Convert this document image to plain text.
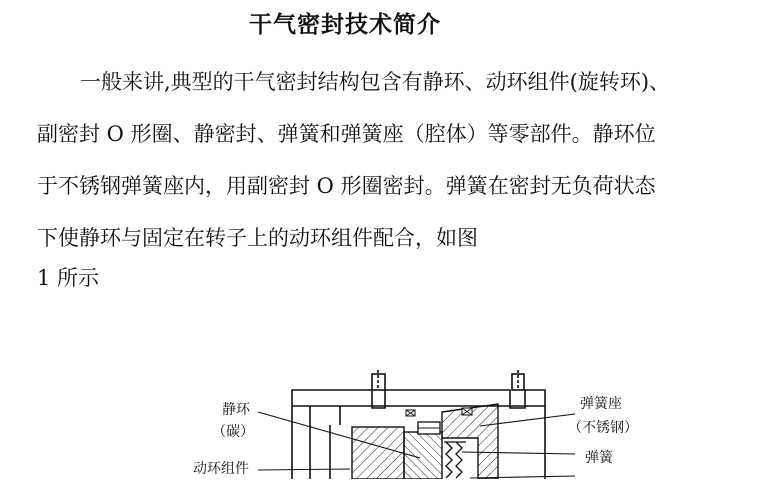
干气密封技术简介

一般来讲,典型的干气密封结构包含有静环、动环组件(旋转环)、
副密封 O 形圈、静密封、弹簧和弹簧座（腔体）等零部件。静环位
于不锈钢弹簧座内，用副密封 O 形圈密封。弹簧在密封无负荷状态
下使静环与固定在转子上的动环组件配合，如图

1 所示
静环
（碳）
动环组件
弹簧座
（不锈钢）
弹簧
